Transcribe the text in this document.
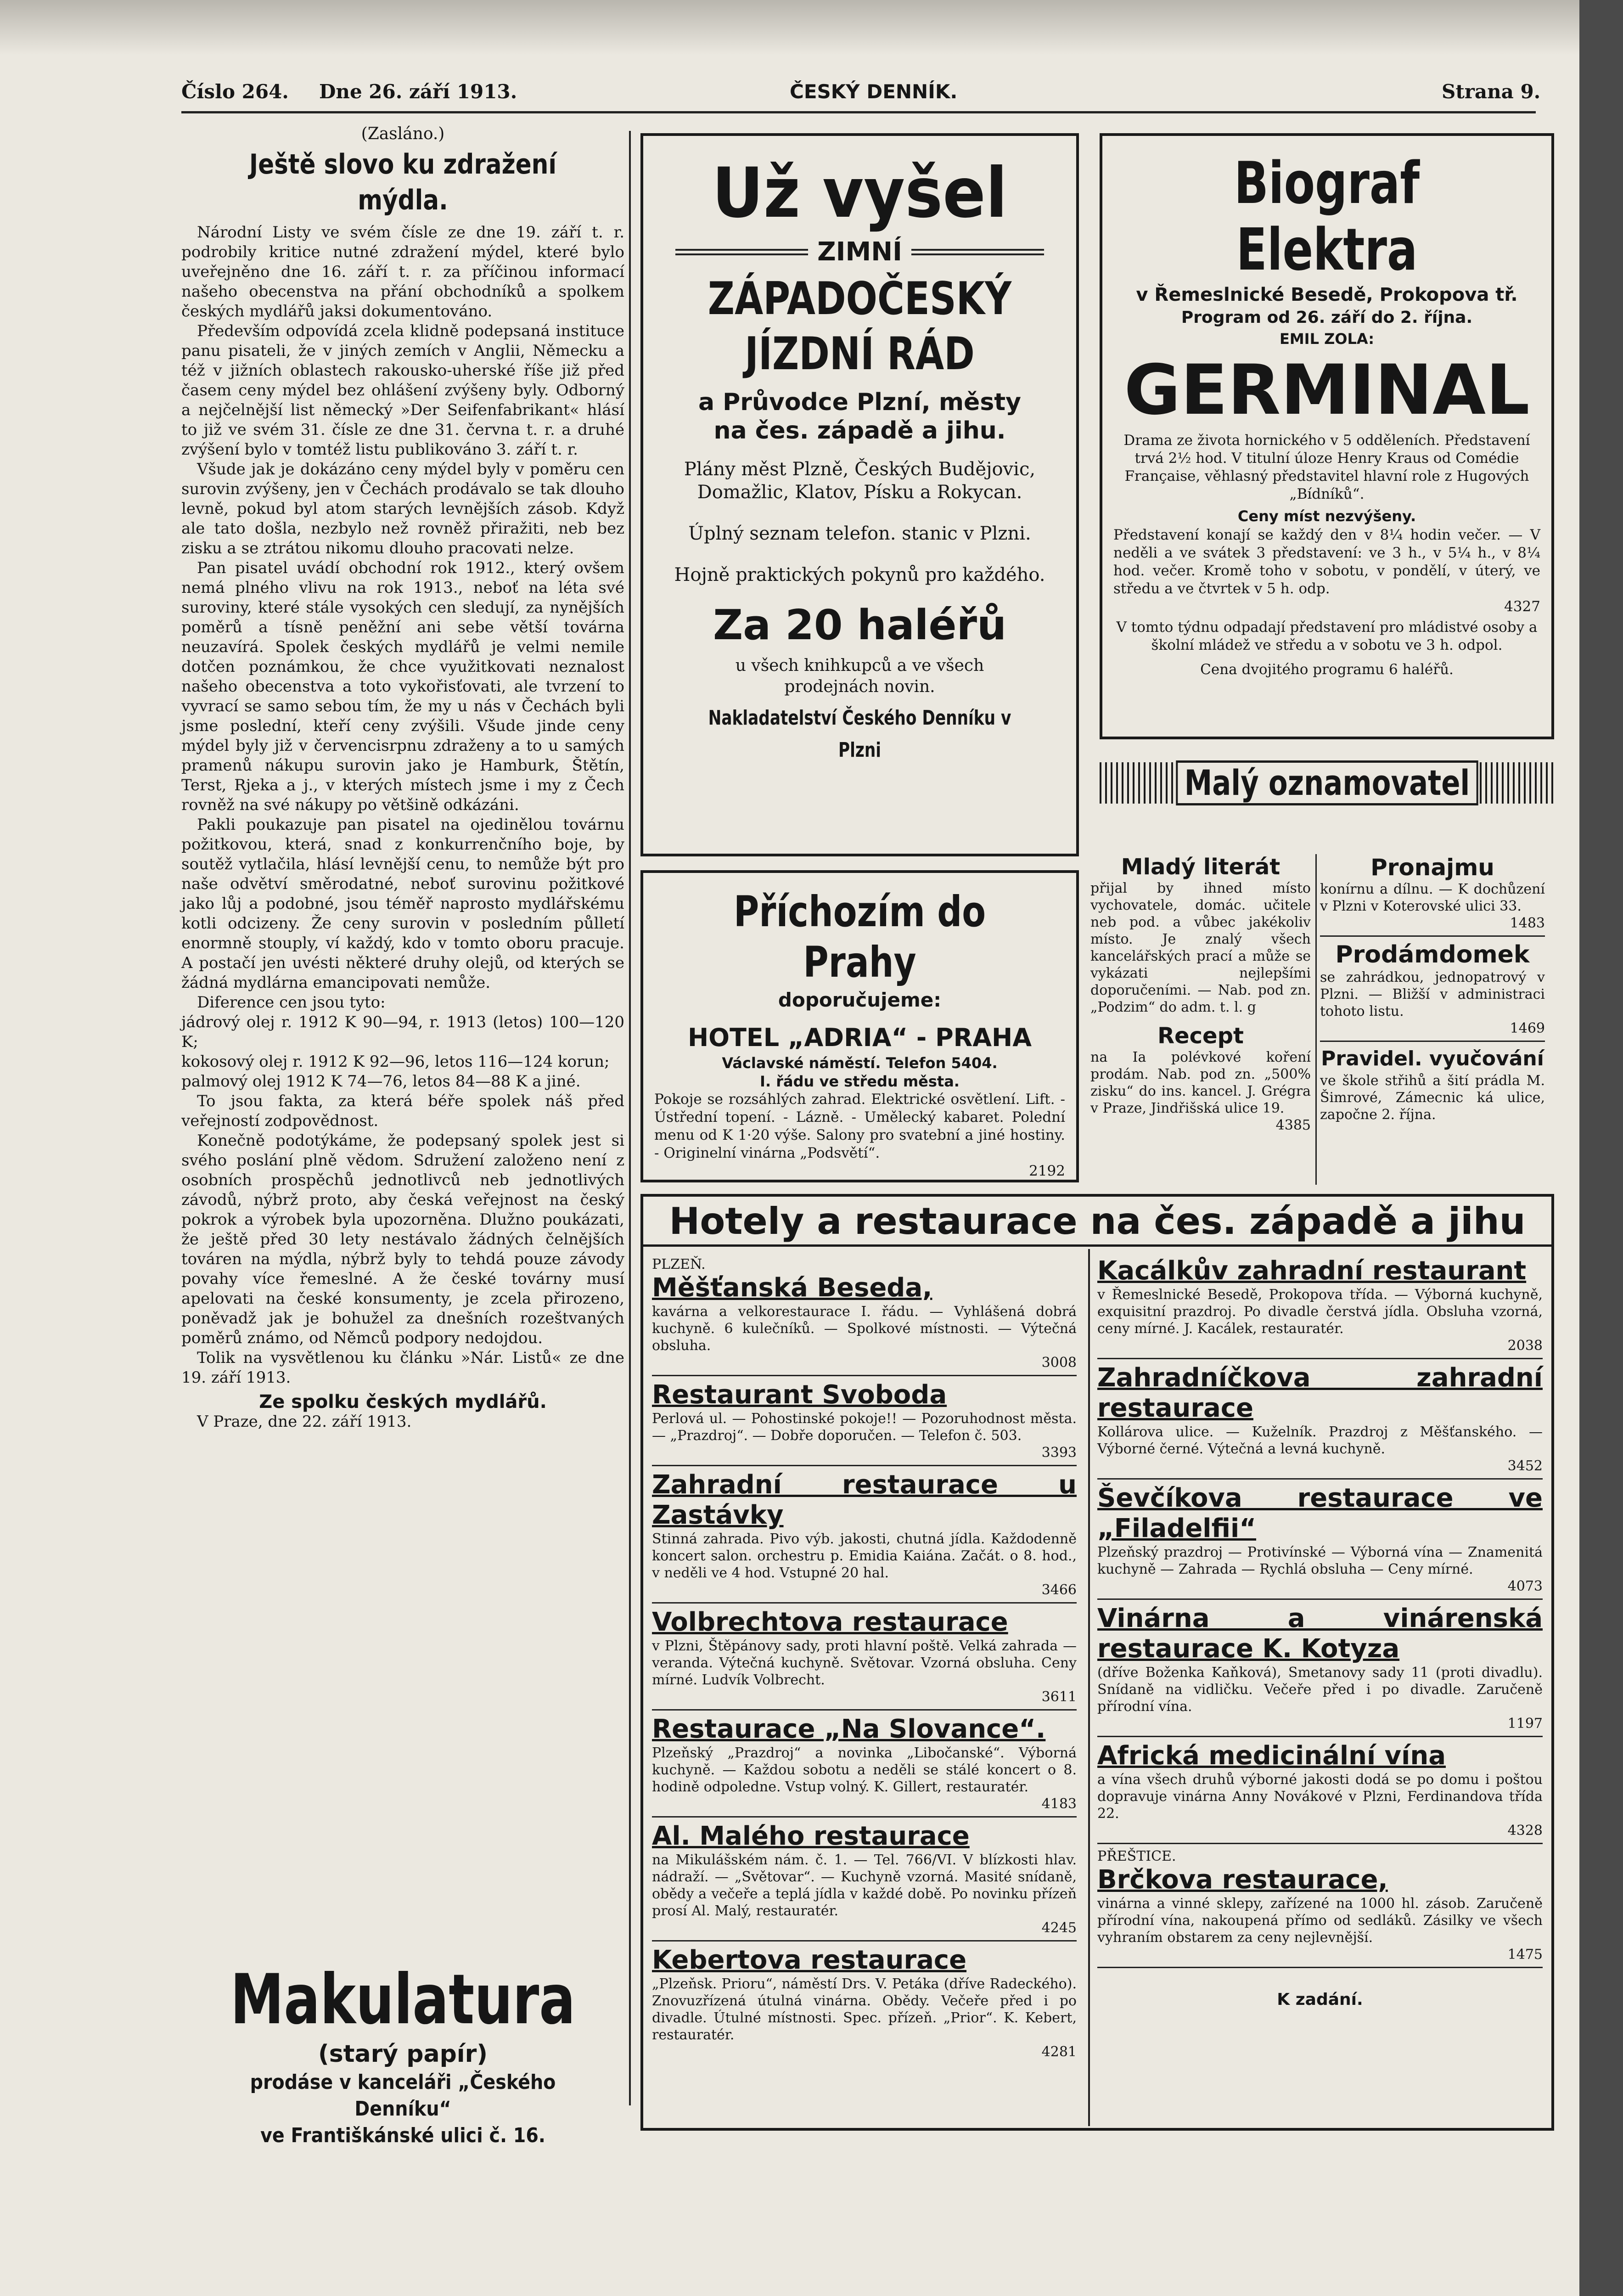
Číslo 264. Dne 26. září 1913.	ČESKÝ DENNÍK.	Strana 9.
(Zasláno.)
Ještě slovo ku zdražení mýdla.

Národní Listy ve svém čísle ze dne 19. září t. r. podrobily kritice nutné zdražení mýdel, které bylo uveřejněno dne 16. září t. r. za příčinou informací našeho obecenstva na přání obchodníků a spolkem českých mydlářů jaksi dokumentováno.

Především odpovídá zcela klidně podepsaná instituce panu pisateli, že v jiných zemích v Anglii, Německu a též v jižních oblastech rakousko-uherské říše již před časem ceny mýdel bez ohlášení zvýšeny byly. Odborný a nejčelnější list německý »Der Seifenfabrikant« hlásí to již ve svém 31. čísle ze dne 31. června t. r. a druhé zvýšení bylo v tomtéž listu publikováno 3. září t. r.

Všude jak je dokázáno ceny mýdel byly v poměru cen surovin zvýšeny, jen v Čechách prodávalo se tak dlouho levně, pokud byl atom starých levnějších zásob. Když ale tato došla, nezbylo než rovněž přiražiti, neb bez zisku a se ztrátou nikomu dlouho pracovati nelze.

Pan pisatel uvádí obchodní rok 1912., který ovšem nemá plného vlivu na rok 1913., neboť na léta své suroviny, které stále vysokých cen sledují, za nynějších poměrů a tísně peněžní ani sebe větší továrna neuzavírá. Spolek českých mydlářů je velmi nemile dotčen poznámkou, že chce využitkovati neznalost našeho obecenstva a toto vykořisťovati, ale tvrzení to vyvrací se samo sebou tím, že my u nás v Čechách byli jsme poslední, kteří ceny zvýšili. Všude jinde ceny mýdel byly již v červencisrpnu zdraženy a to u samých pramenů nákupu surovin jako je Hamburk, Štětín, Terst, Rjeka a j., v kterých místech jsme i my z Čech rovněž na své nákupy po většině odkázáni.

Pakli poukazuje pan pisatel na ojedinělou továrnu požitkovou, která, snad z konkurrenčního boje, by soutěž vytlačila, hlásí levnější cenu, to nemůže být pro naše odvětví směrodatné, neboť surovinu požitkové jako lůj a podobné, jsou téměř naprosto mydlářskému kotli odcizeny. Že ceny surovin v posledním půlletí enormně stouply, ví každý, kdo v tomto oboru pracuje. A postačí jen uvésti některé druhy olejů, od kterých se žádná mydlárna emancipovati nemůže.

Diference cen jsou tyto:

jádrový olej r. 1912 K 90—94, r. 1913 (letos) 100—120 K;

kokosový olej r. 1912 K 92—96, letos 116—124 korun;

palmový olej 1912 K 74—76, letos 84—88 K a jiné.

To jsou fakta, za která béře spolek náš před veřejností zodpovědnost.

Konečně podotýkáme, že podepsaný spolek jest si svého poslání plně vědom. Sdružení založeno není z osobních prospěchů jednotlivců neb jednotlivých závodů, nýbrž proto, aby česká veřejnost na český pokrok a výrobek byla upozorněna. Dlužno poukázati, že ještě před 30 lety nestávalo žádných čelnějších továren na mýdla, nýbrž byly to tehdá pouze závody povahy více řemeslné. A že české továrny musí apelovati na české konsumenty, je zcela přirozeno, poněvadž jak je bohužel za dnešních rozeštvaných poměrů známo, od Němců podpory nedojdou.

Tolik na vysvětlenou ku článku »Nár. Listů« ze dne 19. září 1913.

Ze spolku českých mydlářů.

V Praze, dne 22. září 1913.

Makulatura
(starý papír)
prodáse v kanceláři „Českého Denníku“
ve Františkánské ulici č. 16.
Už vyšel
ZIMNÍ
ZÁPADOČESKÝ
JÍZDNÍ RÁD
a Průvodce Plzní, městy
na čes. západě a jihu.
Plány měst Plzně, Českých Budějovic, Domažlic, Klatov, Písku a Rokycan.
Úplný seznam telefon. stanic v Plzni.
Hojně praktických pokynů pro každého.
Za 20 haléřů
u všech knihkupců a ve všech prodejnách novin.
Nakladatelství Českého Denníku v Plzni
Příchozím do Prahy
doporučujeme:
HOTEL „ADRIA“ - PRAHA
Václavské náměstí. Telefon 5404.
I. řádu ve středu města.
Pokoje se rozsáhlých zahrad. Elektrické osvětlení. Lift. - Ústřední topení. - Lázně. - Umělecký kabaret. Polední menu od K 1·20 výše. Salony pro svatební a jiné hostiny. - Originelní vinárna „Podsvětí“.
2192
Biograf Elektra
v Řemeslnické Besedě, Prokopova tř.
Program od 26. září do 2. října.
EMIL ZOLA:
GERMINAL
Drama ze života hornického v 5 odděleních. Představení trvá 2½ hod. V titulní úloze Henry Kraus od Comédie Française, věhlasný představitel hlavní role z Hugových „Bídníků“.
Ceny míst nezvýšeny.
Představení konají se každý den v 8¼ hodin večer. — V neděli a ve svátek 3 představení: ve 3 h., v 5¼ h., v 8¼ hod. večer. Kromě toho v sobotu, v pondělí, v úterý, ve středu a ve čtvrtek v 5 h. odp.
4327
V tomto týdnu odpadají představení pro mládistvé osoby a školní mládež ve středu a v sobotu ve 3 h. odpol.
Cena dvojitého programu 6 haléřů.
Malý oznamovatel
Mladý literát
přijal by ihned místo vychovatele, domác. učitele neb pod. a vůbec jakékoliv místo. Je znalý všech kancelářských prací a může se vykázati nejlepšími doporučeními. — Nab. pod zn. „Podzim“ do adm. t. l. g
Recept
na Ia polévkové koření prodám. Nab. pod zn. „500% zisku“ do ins. kancel. J. Grégra v Praze, Jindřišská ulice 19.
4385
Pronajmu
konírnu a dílnu. — K dochůzení v Plzni v Koterovské ulici 33.
1483
Prodámdomek
se zahrádkou, jednopatrový v Plzni. — Bližší v administraci tohoto listu.
1469
Pravidel. vyučování
ve škole střihů a šití prádla M. Šimrové, Zámecnic ká ulice, započne 2. října.
Hotely a restaurace na čes. západě a jihu
PLZEŇ.
Měšťanská Beseda,
kavárna a velkorestaurace I. řádu. — Vyhlášená dobrá kuchyně. 6 kulečníků. — Spolkové místnosti. — Výtečná obsluha.
3008
Restaurant Svoboda
Perlová ul. — Pohostinské pokoje!! — Pozoruhodnost města. — „Prazdroj“. — Dobře doporučen. — Telefon č. 503.
3393
Zahradní restaurace u Zastávky
Stinná zahrada. Pivo výb. jakosti, chutná jídla. Každodenně koncert salon. orchestru p. Emidia Kaiána. Začát. o 8. hod., v neděli ve 4 hod. Vstupné 20 hal.
3466
Volbrechtova restaurace
v Plzni, Štěpánovy sady, proti hlavní poště. Velká zahrada — veranda. Výtečná kuchyně. Světovar. Vzorná obsluha. Ceny mírné. Ludvík Volbrecht.
3611
Restaurace „Na Slovance“.
Plzeňský „Prazdroj“ a novinka „Libočanské“. Výborná kuchyně. — Každou sobotu a neděli se stálé koncert o 8. hodině odpoledne. Vstup volný. K. Gillert, restauratér.
4183
Al. Malého restaurace
na Mikulášském nám. č. 1. — Tel. 766/VI. V blízkosti hlav. nádraží. — „Světovar“. — Kuchyně vzorná. Masité snídaně, obědy a večeře a teplá jídla v každé době. Po novinku přízeň prosí Al. Malý, restauratér.
4245
Kebertova restaurace
„Plzeňsk. Prioru“, náměstí Drs. V. Petáka (dříve Radeckého). Znovuzřízená útulná vinárna. Obědy. Večeře před i po divadle. Útulné místnosti. Spec. přízeň. „Prior“. K. Kebert, restauratér.
4281
Kacálkův zahradní restaurant
v Řemeslnické Besedě, Prokopova třída. — Výborná kuchyně, exquisitní prazdroj. Po divadle čerstvá jídla. Obsluha vzorná, ceny mírné. J. Kacálek, restauratér.
2038
Zahradníčkova zahradní restaurace
Kollárova ulice. — Kuželník. Prazdroj z Měšťanského. — Výborné černé. Výtečná a levná kuchyně.
3452
Ševčíkova restaurace ve „Filadelfii“
Plzeňský prazdroj — Protivínské — Výborná vína — Znamenitá kuchyně — Zahrada — Rychlá obsluha — Ceny mírné.
4073
Vinárna a vinárenská restaurace K. Kotyza
(dříve Boženka Kaňková), Smetanovy sady 11 (proti divadlu). Snídaně na vidličku. Večeře před i po divadle. Zaručeně přírodní vína.
1197
Africká medicinální vína
a vína všech druhů výborné jakosti dodá se po domu i poštou dopravuje vinárna Anny Novákové v Plzni, Ferdinandova třída 22.
4328
PŘEŠTICE.
Brčkova restaurace,
vinárna a vinné sklepy, zařízené na 1000 hl. zásob. Zaručeně přírodní vína, nakoupená přímo od sedláků. Zásilky ve všech vyhraním obstarem za ceny nejlevnější.
1475
K zadání.
